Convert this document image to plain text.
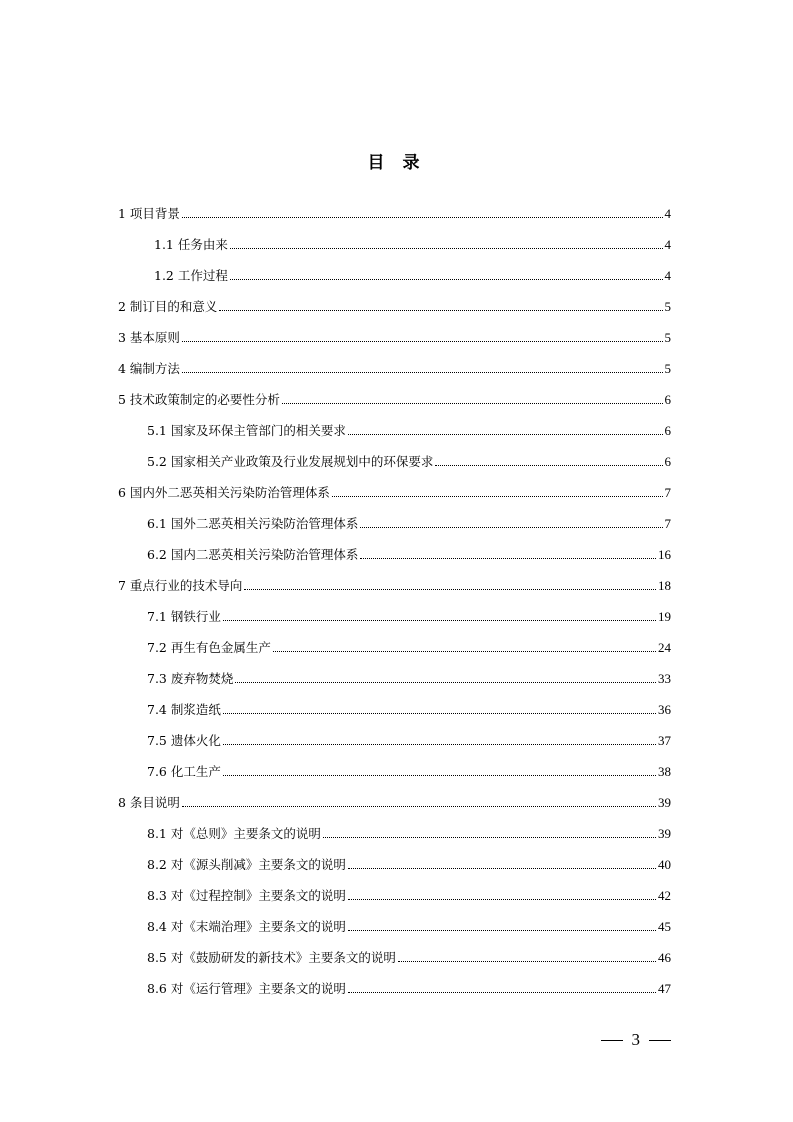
目 录
1 项目背景	4
1.1 任务由来	4
1.2 工作过程	4
2 制订目的和意义	5
3 基本原则	5
4 编制方法	5
5 技术政策制定的必要性分析	6
5.1 国家及环保主管部门的相关要求	6
5.2 国家相关产业政策及行业发展规划中的环保要求	6
6 国内外二恶英相关污染防治管理体系	7
6.1 国外二恶英相关污染防治管理体系	7
6.2 国内二恶英相关污染防治管理体系	16
7 重点行业的技术导向	18
7.1 钢铁行业	19
7.2 再生有色金属生产	24
7.3 废弃物焚烧	33
7.4 制浆造纸	36
7.5 遗体火化	37
7.6 化工生产	38
8 条目说明	39
8.1 对《总则》主要条文的说明	39
8.2 对《源头削减》主要条文的说明	40
8.3 对《过程控制》主要条文的说明	42
8.4 对《末端治理》主要条文的说明	45
8.5 对《鼓励研发的新技术》主要条文的说明	46
8.6 对《运行管理》主要条文的说明	47
3
